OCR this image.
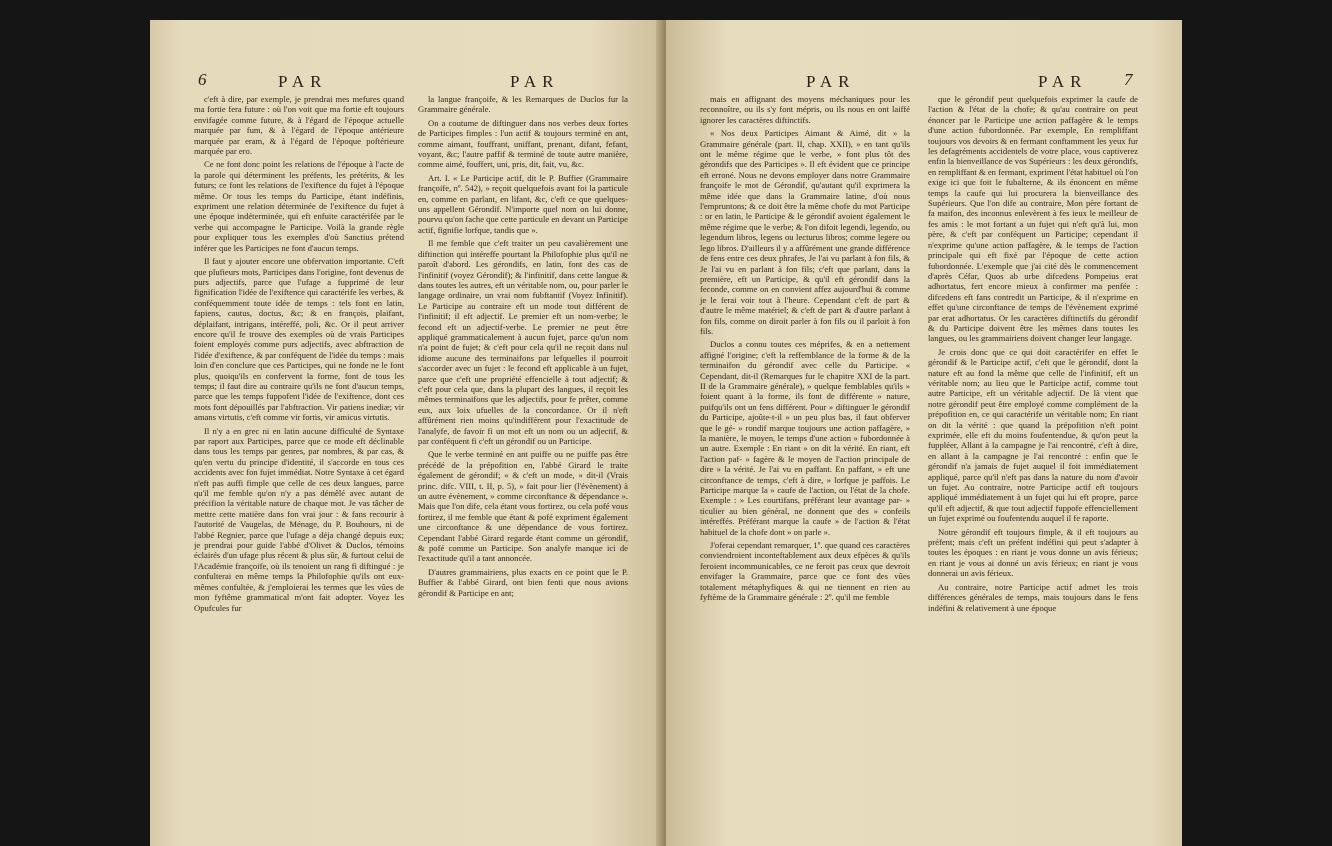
6	PAR	PAR

c'eft à dire, par exemple, je prendrai mes mefures quand ma fortie fera future : où l'on voit que ma fortie eft toujours envifagée comme future, & à l'égard de l'époque actuelle marquée par fum, & à l'égard de l'époque antérieure marquée par eram, & à l'égard de l'époque poftérieure marquée par ero.

Ce ne font donc point les relations de l'époque à l'acte de la parole qui déterminent les préfents, les prétérits, & les futurs; ce font les relations de l'exiftence du fujet à l'époque même. Or tous les temps du Participe, étant indéfinis, expriment une relation déterminée de l'exiftence du fujet à une époque indéterminée, qui eft enfuite caractérifée par le verbe qui accompagne le Participe. Voilà la grande règle pour expliquer tous les exemples d'où Sanctius prétend inférer que les Participes ne font d'aucun temps.

Il faut y ajouter encore une obfervation importante. C'eft que plufieurs mots, Participes dans l'origine, font devenus de purs adjectifs, parce que l'ufage a fupprimé de leur fignification l'idée de l'exiftence qui caractérife les verbes, & conféquemment toute idée de temps : tels font en latin, fapiens, cautus, doctus, &c; & en françois, plaifant, déplaifant, intrigans, intéreffé, poli, &c. Or il peut arriver encore qu'il fe trouve des exemples où de vrais Participes foient employés comme purs adjectifs, avec abftraction de l'idée d'exiftence, & par conféquent de l'idée du temps : mais loin d'en conclure que ces Participes, qui ne fonde ne le font plus, quoiqu'ils en confervent la forme, font de tous les temps; il faut dire au contraire qu'ils ne font d'aucun temps, parce que les temps fuppofent l'idée de l'exiftence, dont ces mots font dépouillés par l'abftraction. Vir patiens inediæ; vir amans virtutis, c'eft comme vir fortis, vir amicus virtutis.

Il n'y a en grec ni en latin aucune difficulté de Syntaxe par raport aux Participes, parce que ce mode eft déclinable dans tous les temps par genres, par nombres, & par cas, & qu'en vertu du principe d'identité, il s'accorde en tous ces accidents avec fon fujet immédiat. Notre Syntaxe à cet égard n'eft pas auffi fimple que celle de ces deux langues, parce qu'il me femble qu'on n'y a pas démêlé avec autant de précifion la véritable nature de chaque mot. Je vas tâcher de mettre cette matière dans fon vrai jour : & fans recourir à l'autorité de Vaugelas, de Ménage, du P. Bouhours, ni de l'abbé Regnier, parce que l'ufage a déja changé depuis eux; je prendrai pour guide l'abbé d'Olivet & Duclos, témoins éclairés d'un ufage plus récent & plus sûr, & furtout celui de l'Académie françoife, où ils tenoient un rang fi diftingué : je confulterai en même temps la Philofophie qu'ils ont eux-mêmes confultée, & j'emploierai les termes que les vûes de mon fyftême grammatical m'ont fait adopter. Voyez les Opufcules fur

la langue françoife, & les Remarques de Duclos fur la Grammaire générale.

On a coutume de diftinguer dans nos verbes deux fortes de Participes fimples : l'un actif & toujours terminé en ant, comme aimant, fouffrant, uniffant, prenant, difant, fefant, voyant, &c; l'autre paffif & terminé de toute autre manière, comme aimé, fouffert, uni, pris, dit, fait, vu, &c.

Art. I. « Le Participe actif, dit le P. Buffier (Grammaire françoife, nº. 542), » reçoit quelquefois avant foi la particule en, comme en parlant, en lifant, &c, c'eft ce que quelques-uns appellent Gérondif. N'importe quel nom on lui donne, pourvu qu'on fache que cette particule en devant un Participe actif, fignifie lorfque, tandis que ».

Il me femble que c'eft traiter un peu cavalièrement une diftinction qui intéreffe pourtant la Philofophie plus qu'il ne paroît d'abord. Les gérondifs, en latin, font des cas de l'infinitif (voyez Gérondif); & l'infinitif, dans cette langue & dans toutes les autres, eft un véritable nom, ou, pour parler le langage ordinaire, un vrai nom fubftantif (Voyez Infinitif). Le Participe au contraire eft un mode tout différent de l'infinitif; il eft adjectif. Le premier eft un nom-verbe; le fecond eft un adjectif-verbe. Le premier ne peut être appliqué grammaticalement à aucun fujet, parce qu'un nom n'a point de fujet; & c'eft pour cela qu'il ne reçoit dans nul idiome aucune des terminaifons par lefquelles il pourroit s'accorder avec un fujet : le fecond eft applicable à un fujet, parce que c'eft une propriété effencielle à tout adjectif; & c'eft pour cela que, dans la plupart des langues, il reçoit les mêmes terminaifons que les adjectifs, pour fe prêter, comme eux, aux loix ufuelles de la concordance. Or il n'eft affûrément rien moins qu'indifférent pour l'exactitude de l'analyfe, de favoir fi un mot eft un nom ou un adjectif, & par conféquent fi c'eft un gérondif ou un Participe.

Que le verbe terminé en ant puiffe ou ne puiffe pas être précédé de la prépofition en, l'abbé Girard le traite également de gérondif; « & c'eft un mode, » dit-il (Vrais princ. difc. VIII, t. II, p. 5), » fait pour lier (l'évènement) à un autre évènement, » comme circonftance & dépendance ». Mais que l'on dife, cela étant vous fortirez, ou cela pofé vous fortirez, il me femble que étant & pofé expriment également une circonftance & une dépendance de vous fortirez. Cependant l'abbé Girard regarde étant comme un gérondif, & pofé comme un Participe. Son analyfe manque ici de l'exactitude qu'il a tant annoncée.

D'autres grammairiens, plus exacts en ce point que le P. Buffier & l'abbé Girard, ont bien fenti que nous avions gérondif & Participe en ant;

PAR	PAR 7

mais en affignant des moyens méchaniques pour les reconnoître, ou ils s'y font mépris, ou ils nous en ont laiffé ignorer les caractères diftinctifs.

« Nos deux Participes Aimant & Aimé, dit » la Grammaire générale (part. II, chap. XXII), » en tant qu'ils ont le même régime que le verbe, » font plus tôt des gérondifs que des Participes ». Il eft évident que ce principe eft erroné. Nous ne devons employer dans notre Grammaire françoife le mot de Gérondif, qu'autant qu'il exprimera la même idée que dans la Grammaire latine, d'où nous l'empruntons; & ce doit être la même chofe du mot Participe : or en latin, le Participe & le gérondif avoient également le même régime que le verbe; & l'on difoit legendi, legendo, ou legendum libros, legens ou lecturus libros; comme legere ou lego libros. D'ailleurs il y a affûrément une grande différence de fens entre ces deux phrafes, Je l'ai vu parlant à fon fils, & Je l'ai vu en parlant à fon fils; c'eft que parlant, dans la première, eft un Participe, & qu'il eft gérondif dans la feconde, comme on en convient affez aujourd'hui & comme je le ferai voir tout à l'heure. Cependant c'eft de part & d'autre le même matériel; & c'eft de part & d'autre parlant à fon fils, comme on diroit parler à fon fils ou il parloit à fon fils.

Duclos a connu toutes ces méprifes, & en a nettement affigné l'origine; c'eft la reffemblance de la forme & de la terminaifon du gérondif avec celle du Participe. « Cependant, dit-il (Remarques fur le chapitre XXI de la part. II de la Grammaire générale), » quelque femblables qu'ils » foient quant à la forme, ils font de différente » nature, puifqu'ils ont un fens différent. Pour » diftinguer le gérondif du Participe, ajoûte-t-il » un peu plus bas, il faut obferver que le gé- » rondif marque toujours une action paffagère, » la manière, le moyen, le temps d'une action » fubordonnée à un autre. Exemple : En riant » on dit la vérité. En riant, eft l'action paf- » fagère & le moyen de l'action principale de dire » la vérité. Je l'ai vu en paffant. En paffant, » eft une circonftance de temps, c'eft à dire, » lorfque je paffois. Le Participe marque la » caufe de l'action, ou l'état de la chofe. Exemple : » Les courtifans, préférant leur avantage par- » ticulier au bien général, ne donnent que des » confeils intéreffés. Préférant marque la caufe » de l'action & l'état habituel de la chofe dont » on parle ».

J'oferai cependant remarquer, 1º. que quand ces caractères conviendroient inconteftablement aux deux efpèces & qu'ils feroient incommunicables, ce ne feroit pas ceux que devroit envifager la Grammaire, parce que ce font des vûes totalement métaphyfiques & qui ne tiennent en rien au fyftème de la Grammaire générale : 2º. qu'il me femble

que le gérondif peut quelquefois exprimer la caufe de l'action & l'état de la chofe; & qu'au contraire on peut énoncer par le Participe une action paffagère & le temps d'une action fubordonnée. Par exemple, En rempliffant toujours vos devoirs & en fermant conftamment les yeux fur les defagréments accidentels de votre place, vous captiverez enfin la bienveillance de vos Supérieurs : les deux gérondifs, en rempliffant & en fermant, expriment l'état habituel où l'on exige ici que foit le fubalterne, & ils énoncent en même temps la caufe qui lui procurera la bienveillance des Supérieurs. Que l'on dife au contraire, Mon père fortant de fa maifon, des inconnus enlevèrent à fes ieux le meilleur de fes amis : le mot fortant a un fujet qui n'eft qu'à lui, mon père, & c'eft par conféquent un Participe; cependant il n'exprime qu'une action paffagère, & le temps de l'action principale qui eft fixé par l'époque de cette action fubordonnée. L'exemple que j'ai cité dès le commencement d'après Céfar, Quos ab urbe difcedens Pompeius erat adhortatus, fert encore mieux à confirmer ma penfée : difcedens eft fans contredit un Participe, & il n'exprime en effet qu'une circonftance de temps de l'évènement exprimé par erat adhortatus. Or les caractères diftinctifs du gérondif & du Participe doivent être les mêmes dans toutes les langues, ou les grammairiens doivent changer leur langage.

Je crois donc que ce qui doit caractérifer en effet le gérondif & le Participe actif, c'eft que le gérondif, dont la nature eft au fond la même que celle de l'infinitif, eft un véritable nom; au lieu que le Participe actif, comme tout autre Participe, eft un véritable adjectif. De là vient que notre gérondif peut être employé comme complément de la prépofition en, ce qui caractérife un véritable nom; En riant on dit la vérité : que quand la prépofition n'eft point exprimée, elle eft du moins foufentendue, & qu'on peut la fuppléer, Allant à la campagne je l'ai rencontré, c'eft à dire, en allant à la campagne je l'ai rencontré : enfin que le gérondif n'a jamais de fujet auquel il foit immédiatement appliqué, parce qu'il n'eft pas dans la nature du nom d'avoir un fujet. Au contraire, notre Participe actif eft toujours appliqué immédiatement à un fujet qui lui eft propre, parce qu'il eft adjectif, & que tout adjectif fuppofe effenciellement un fujet exprimé ou foufentendu auquel il fe raporte.

Notre gérondif eft toujours fimple, & il eft toujours au préfent; mais c'eft un préfent indéfini qui peut s'adapter à toutes les époques : en riant je vous donne un avis férieux; en riant je vous ai donné un avis férieux; en riant je vous donnerai un avis férieux.

Au contraire, notre Participe actif admet les trois différences générales de temps, mais toujours dans le fens indéfini & relativement à une époque
